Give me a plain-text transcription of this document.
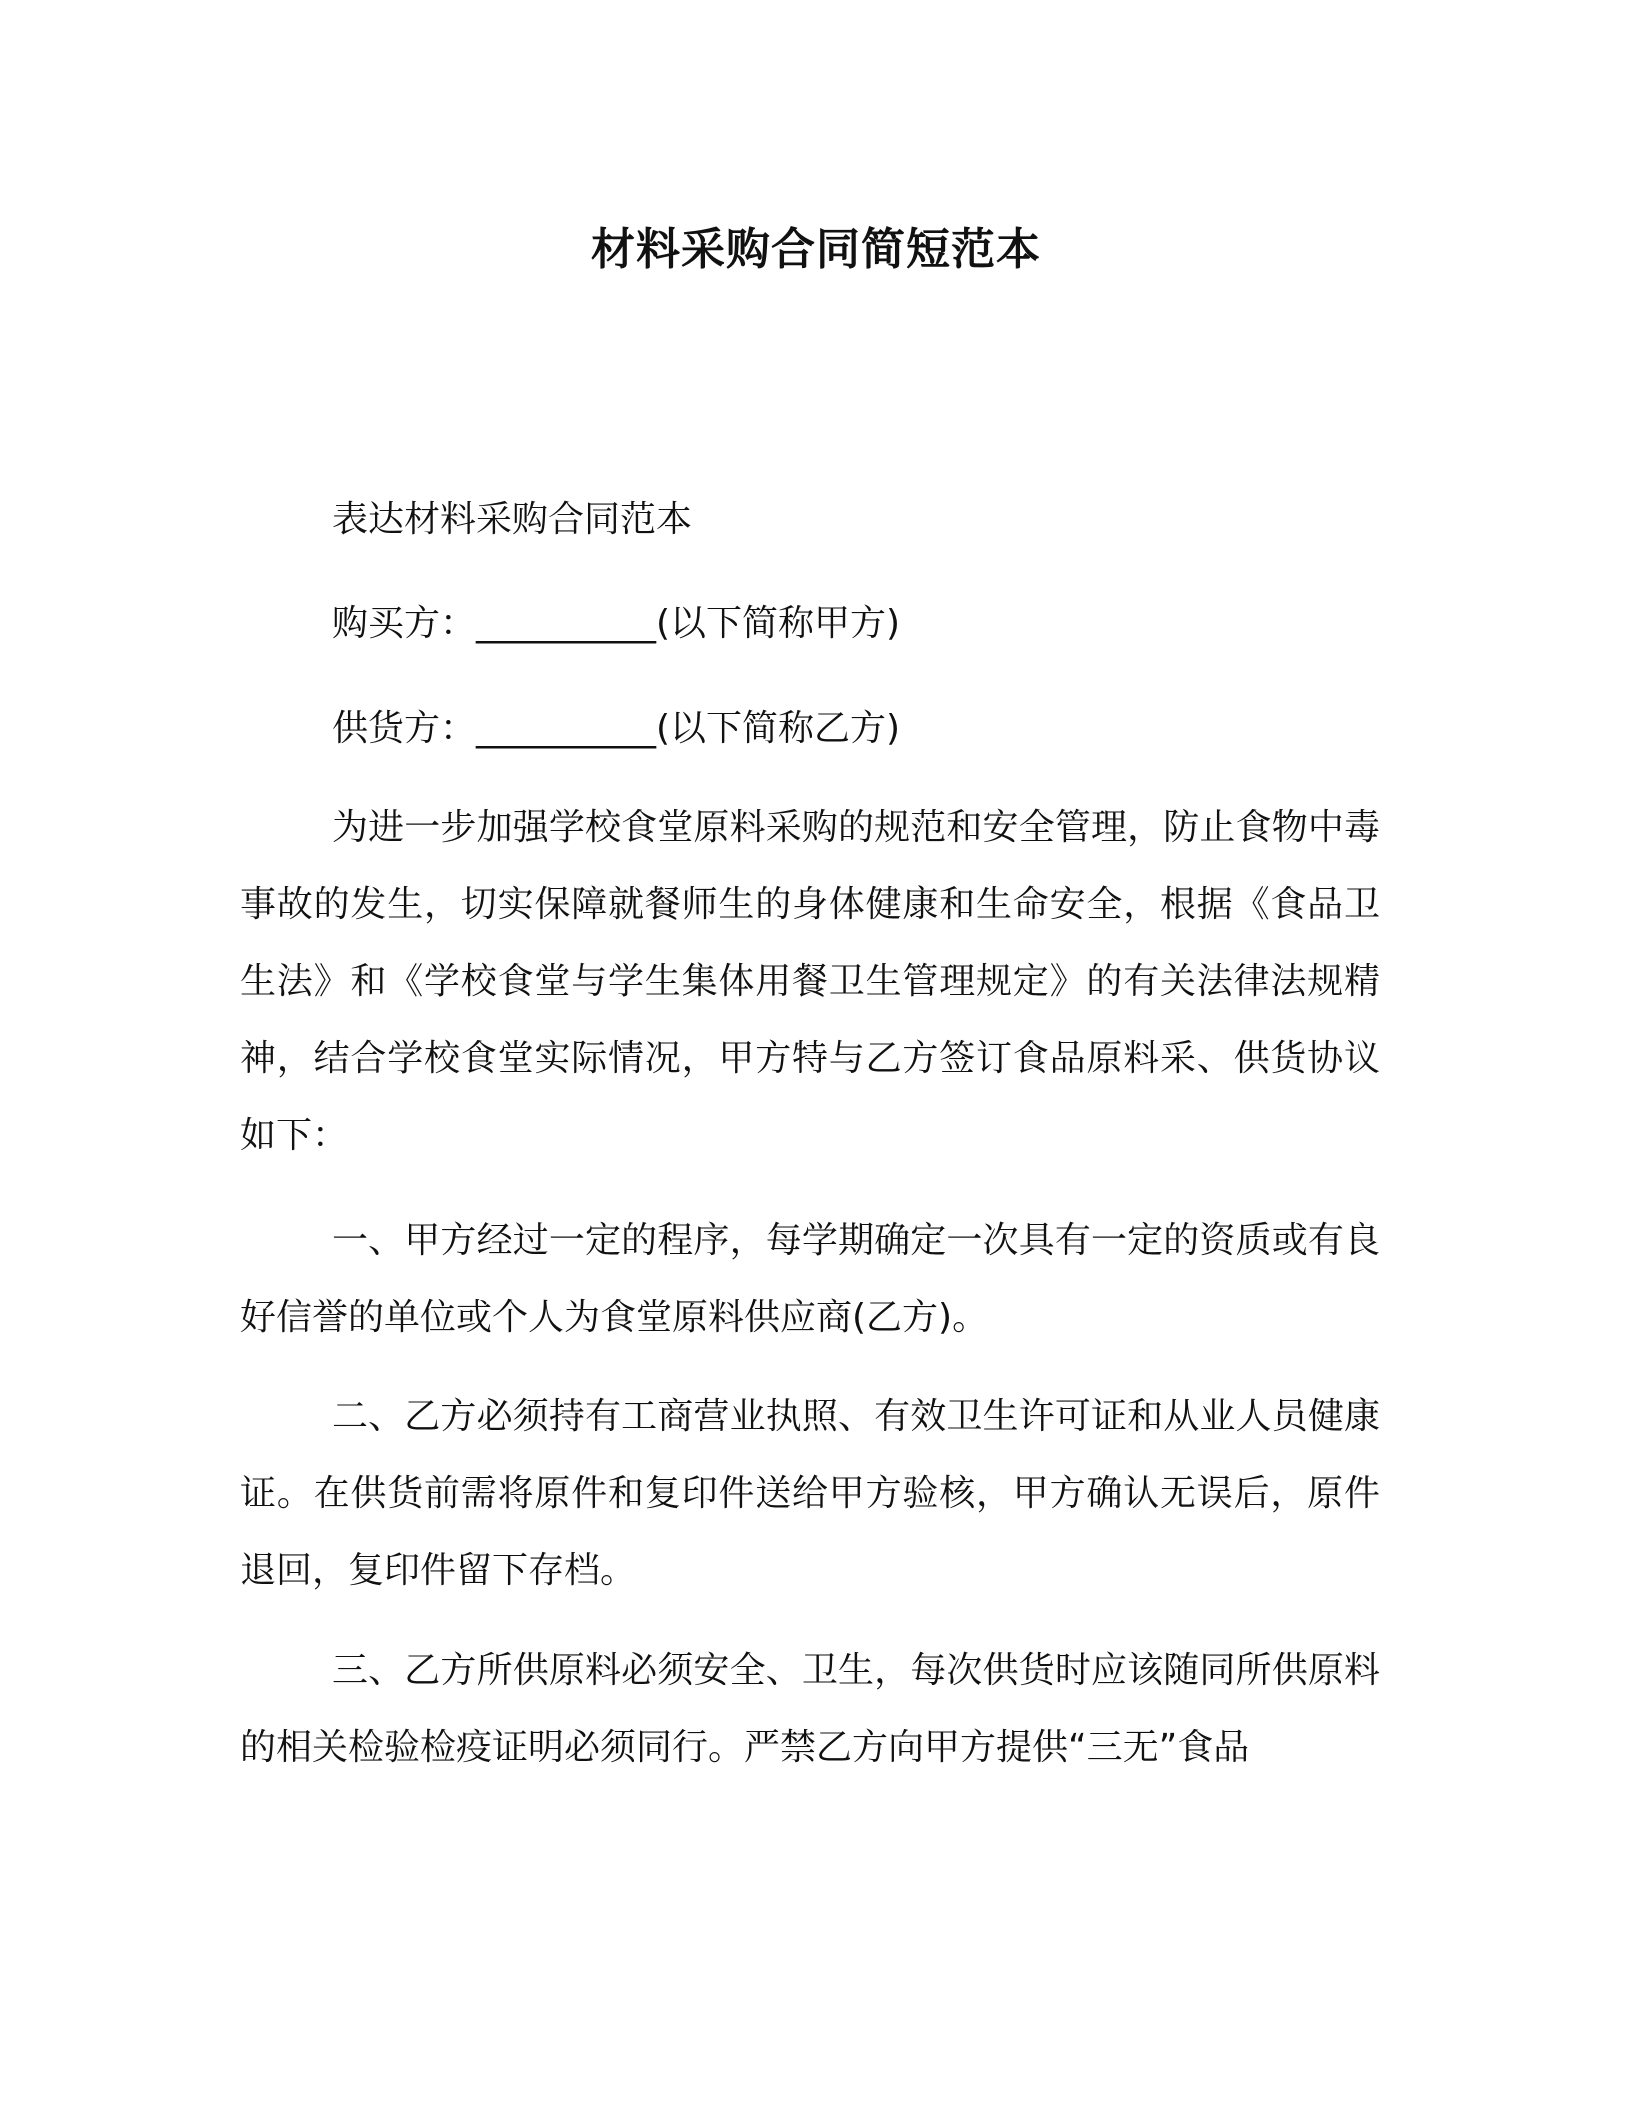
材料采购合同简短范本
表达材料采购合同范本
购买方：__________(以下简称甲方)
供货方：__________(以下简称乙方)
为进一步加强学校食堂原料采购的规范和安全管理，防止食物中毒事故的发生，切实保障就餐师生的身体健康和生命安全，根据《食品卫生法》和《学校食堂与学生集体用餐卫生管理规定》的有关法律法规精神，结合学校食堂实际情况，甲方特与乙方签订食品原料采、供货协议如下：
一、甲方经过一定的程序，每学期确定一次具有一定的资质或有良好信誉的单位或个人为食堂原料供应商(乙方)。
二、乙方必须持有工商营业执照、有效卫生许可证和从业人员健康证。在供货前需将原件和复印件送给甲方验核，甲方确认无误后，原件退回，复印件留下存档。
三、乙方所供原料必须安全、卫生，每次供货时应该随同所供原料的相关检验检疫证明必须同行。严禁乙方向甲方提供“三无”食品
